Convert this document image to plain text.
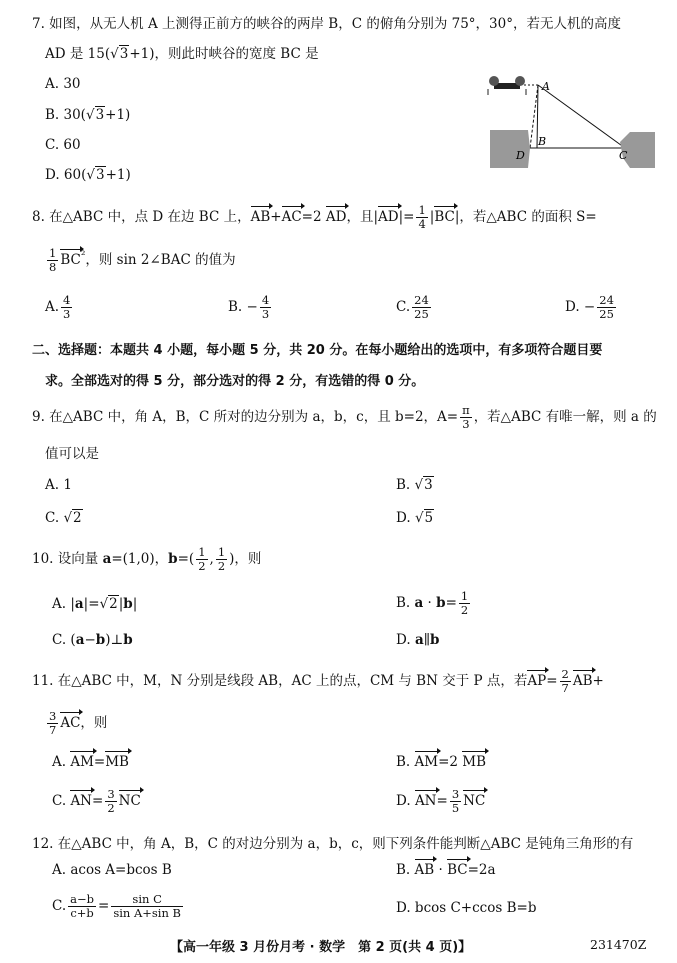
7. 如图，从无人机 A 上测得正前方的峡谷的两岸 B，C 的俯角分别为 75°，30°，若无人机的高度
AD 是 15(√3+1)，则此时峡谷的宽度 BC 是
A. 30
B. 30(√3+1)
C. 60
D. 60(√3+1)
A
B
D	C
8. 在△ABC 中，点 D 在边 BC 上，AB+AC=2 AD，且$|AD|= \frac{1}{4} |BC|$，若△ABC 的面积 S=
$\frac{1}{8} BC^{^2}$，则 sin 2∠BAC 的值为
A. $\frac{4}{3}$	B. − $\frac{4}{3}$	C. $\frac{24}{25}$	D. − $\frac{24}{25}$
二、选择题：本题共 4 小题，每小题 5 分，共 20 分。在每小题给出的选项中，有多项符合题目要
求。全部选对的得 5 分，部分选对的得 2 分，有选错的得 0 分。
9. 在△ABC 中，角 A，B，C 所对的边分别为 a，b，c，且 b=2，$A= \frac{\pi}{3}$ ，若△ABC 有唯一解，则 a 的
值可以是
A. 1	B. √3
C. √2	D. √5
10. 设向量 a=(1,0)，$b=( \frac{1}{2}$ , $\frac{1}{2}$ )，则
A. |a|=√2|b|	B. $a \cdot b= \frac{1}{2}$
C. (a−b)⊥b	D. a∥b
11. 在△ABC 中，M，N 分别是线段 AB，AC 上的点，CM 与 BN 交于 P 点，若$AP= \frac{2}{7} AB+$
$\frac{3}{7}$ AC，则
A. AM=MB	B. AM=2 MB
C. $AN= \frac{3}{2}$ NC	D. $AN= \frac{3}{5}$ NC
12. 在△ABC 中，角 A，B，C 的对边分别为 a，b，c，则下列条件能判断△ABC 是钝角三角形的有
A. acos A=bcos B	B. AB · BC=2a
C. $\frac{a-b}{c+b} = \frac{\text{sin C}}{\text{sin A+sin B}}$	D. bcos C+ccos B=b
【高一年级 3 月份月考 · 数学　第 2 页(共 4 页)】	231470Z
